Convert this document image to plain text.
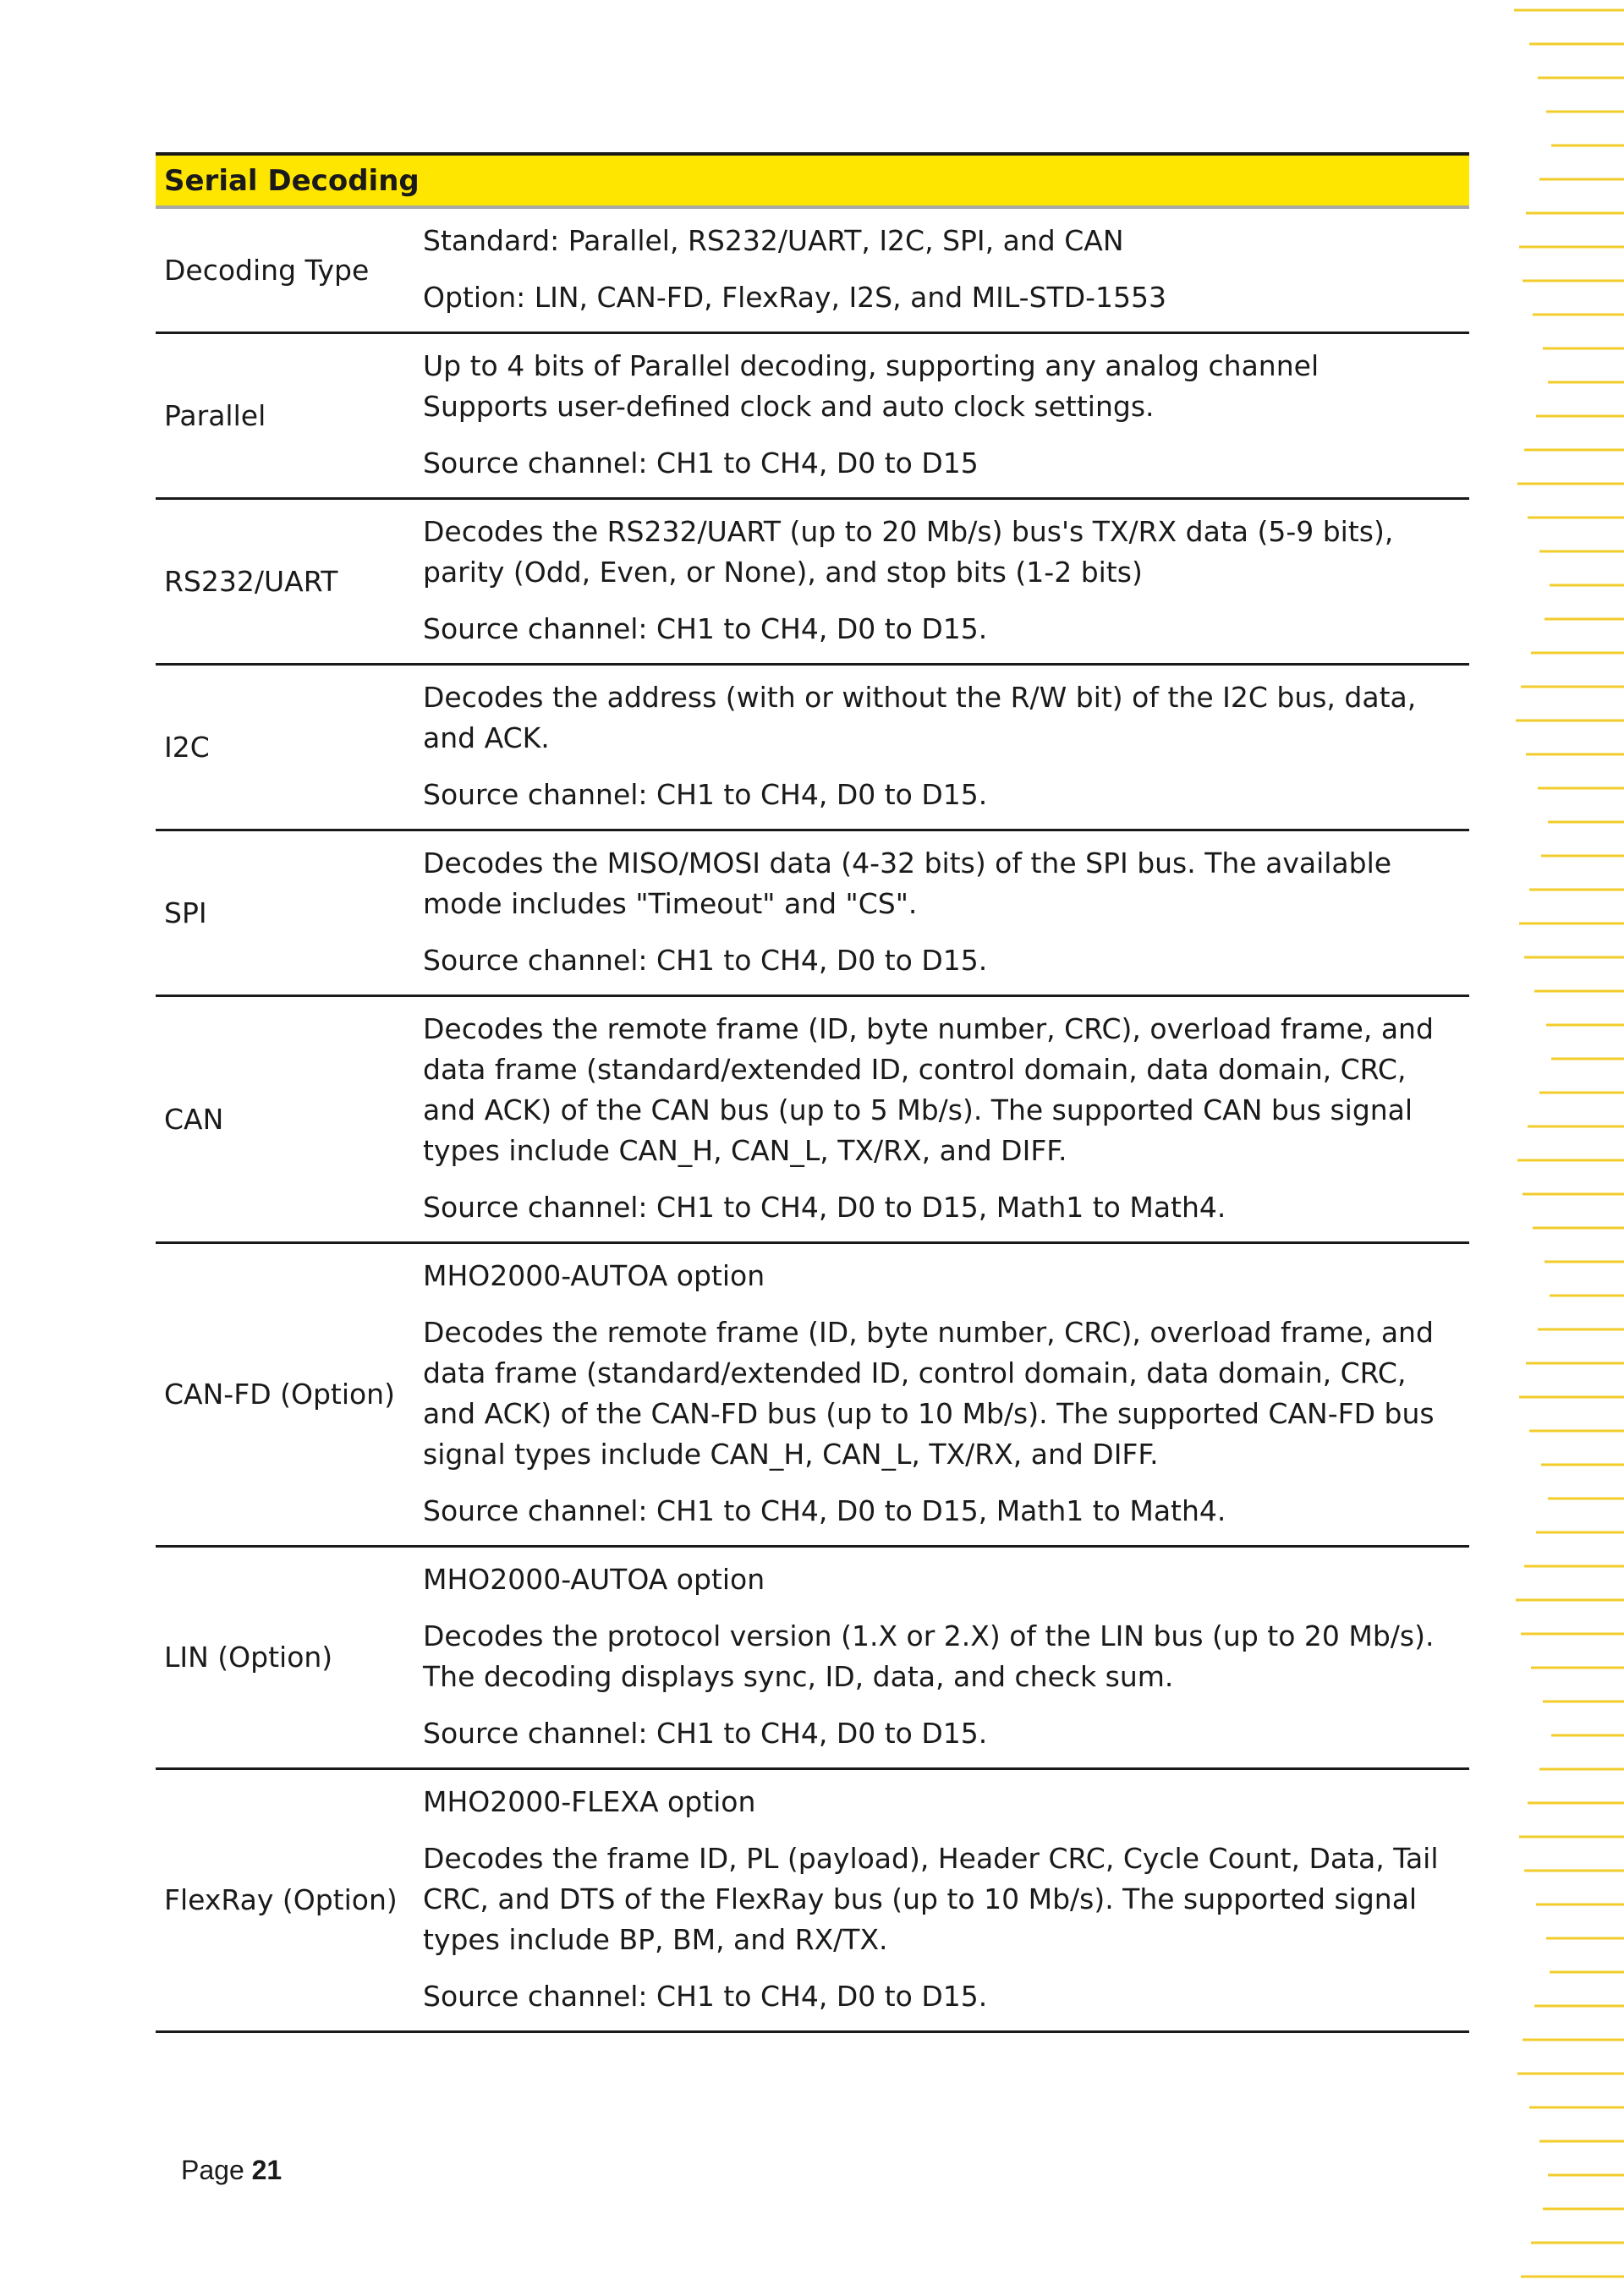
Serial Decoding	
Decoding Type	Standard: Parallel, RS232/UART, I2C, SPI, and CAN

Option: LIN, CAN-FD, FlexRay, I2S, and MIL-STD-1553

Parallel	Up to 4 bits of Parallel decoding, supporting any analog channel Supports user-defined clock and auto clock settings.

Source channel: CH1 to CH4, D0 to D15

RS232/UART	Decodes the RS232/UART (up to 20 Mb/s) bus's TX/RX data (5-9 bits), parity (Odd, Even, or None), and stop bits (1-2 bits)

Source channel: CH1 to CH4, D0 to D15.

I2C	Decodes the address (with or without the R/W bit) of the I2C bus, data, and ACK.

Source channel: CH1 to CH4, D0 to D15.

SPI	Decodes the MISO/MOSI data (4-32 bits) of the SPI bus. The available mode includes "Timeout" and "CS".

Source channel: CH1 to CH4, D0 to D15.

CAN	Decodes the remote frame (ID, byte number, CRC), overload frame, and data frame (standard/extended ID, control domain, data domain, CRC, and ACK) of the CAN bus (up to 5 Mb/s). The supported CAN bus signal types include CAN_H, CAN_L, TX/RX, and DIFF.

Source channel: CH1 to CH4, D0 to D15, Math1 to Math4.

CAN-FD (Option)	MHO2000-AUTOA option

Decodes the remote frame (ID, byte number, CRC), overload frame, and data frame (standard/extended ID, control domain, data domain, CRC, and ACK) of the CAN-FD bus (up to 10 Mb/s). The supported CAN-FD bus signal types include CAN_H, CAN_L, TX/RX, and DIFF.

Source channel: CH1 to CH4, D0 to D15, Math1 to Math4.

LIN (Option)	MHO2000-AUTOA option

Decodes the protocol version (1.X or 2.X) of the LIN bus (up to 20 Mb/s). The decoding displays sync, ID, data, and check sum.

Source channel: CH1 to CH4, D0 to D15.

FlexRay (Option)	MHO2000-FLEXA option

Decodes the frame ID, PL (payload), Header CRC, Cycle Count, Data, Tail CRC, and DTS of the FlexRay bus (up to 10 Mb/s). The supported signal types include BP, BM, and RX/TX.

Source channel: CH1 to CH4, D0 to D15.

Page 21
